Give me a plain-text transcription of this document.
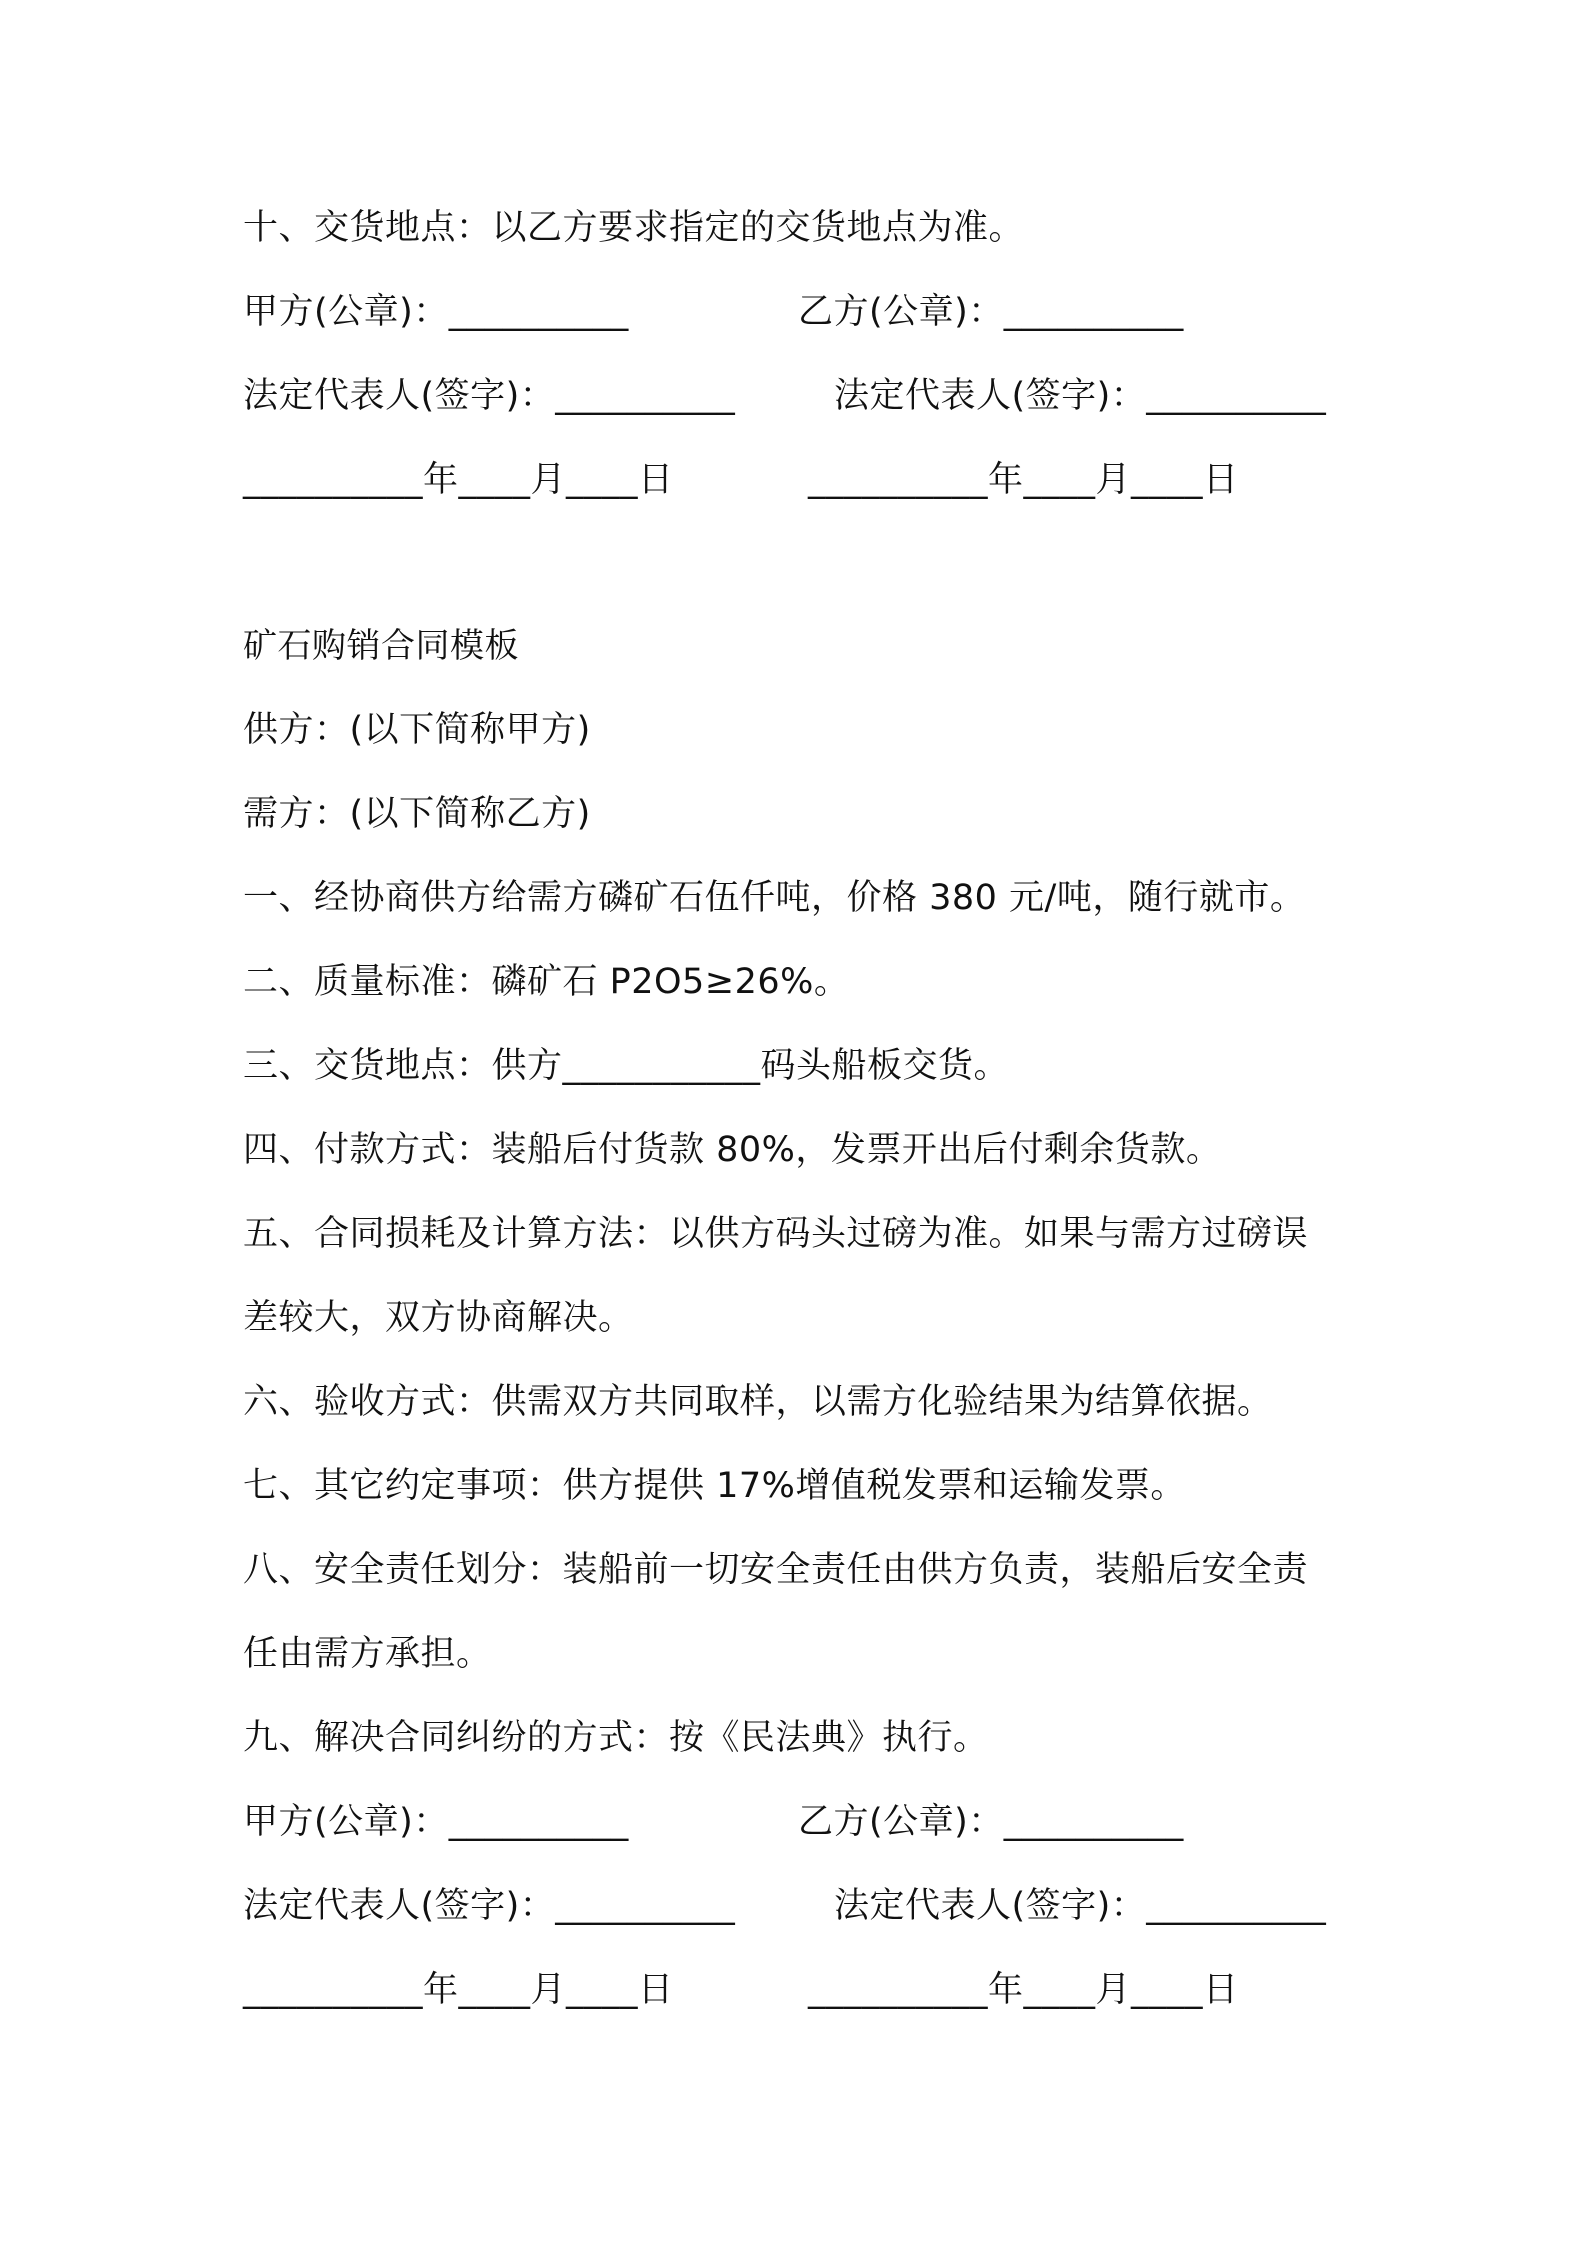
十、交货地点：以乙方要求指定的交货地点为准。
甲方(公章)：__________	乙方(公章)：__________
法定代表人(签字)：__________	法定代表人(签字)：__________
__________年____月____日	__________年____月____日
矿石购销合同模板
供方：(以下简称甲方)
需方：(以下简称乙方)
一、经协商供方给需方磷矿石伍仟吨，价格 380 元/吨，随行就市。
二、质量标准：磷矿石 P2O5≥26%。
三、交货地点：供方___________码头船板交货。
四、付款方式：装船后付货款 80%，发票开出后付剩余货款。
五、合同损耗及计算方法：以供方码头过磅为准。如果与需方过磅误
差较大，双方协商解决。
六、验收方式：供需双方共同取样，以需方化验结果为结算依据。
七、其它约定事项：供方提供 17%增值税发票和运输发票。
八、安全责任划分：装船前一切安全责任由供方负责，装船后安全责
任由需方承担。
九、解决合同纠纷的方式：按《民法典》执行。
甲方(公章)：__________	乙方(公章)：__________
法定代表人(签字)：__________	法定代表人(签字)：__________
__________年____月____日	__________年____月____日
